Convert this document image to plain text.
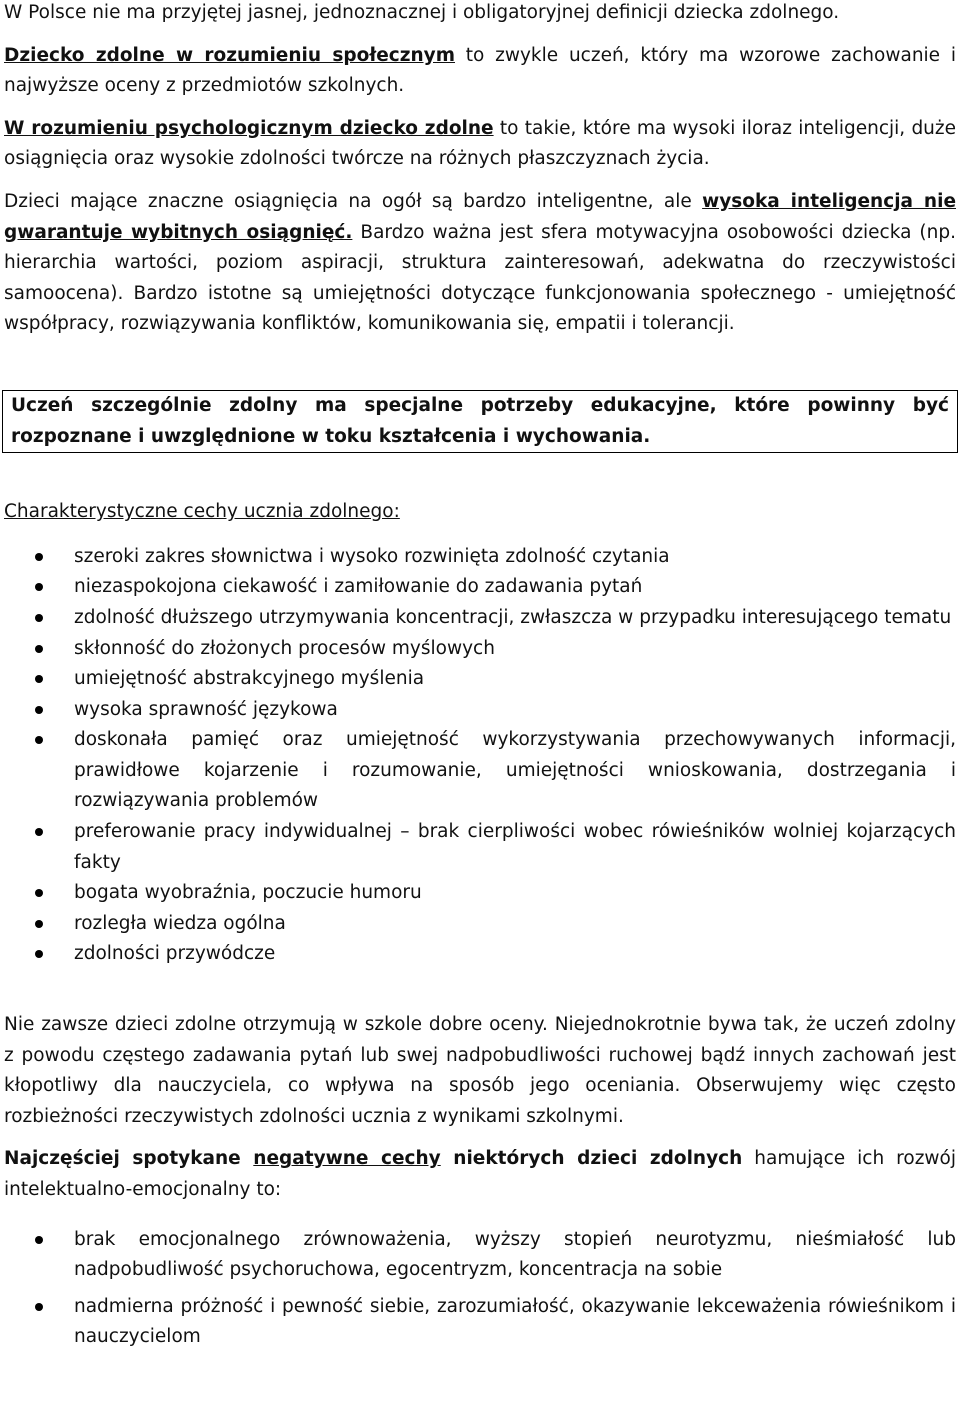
W Polsce nie ma przyjętej jasnej, jednoznacznej i obligatoryjnej definicji dziecka zdolnego.

Dziecko zdolne w rozumieniu społecznym to zwykle uczeń, który ma wzorowe zachowanie i najwyższe oceny z przedmiotów szkolnych.

W rozumieniu psychologicznym dziecko zdolne to takie, które ma wysoki iloraz inteligencji, duże osiągnięcia oraz wysokie zdolności twórcze na różnych płaszczyznach życia.

Dzieci mające znaczne osiągnięcia na ogół są bardzo inteligentne, ale wysoka inteligencja nie gwarantuje wybitnych osiągnięć. Bardzo ważna jest sfera motywacyjna osobowości dziecka (np. hierarchia wartości, poziom aspiracji, struktura zainteresowań, adekwatna do rzeczywistości samoocena). Bardzo istotne są umiejętności dotyczące funkcjonowania społecznego - umiejętność współpracy, rozwiązywania konfliktów, komunikowania się, empatii i tolerancji.

Uczeń szczególnie zdolny ma specjalne potrzeby edukacyjne, które powinny być rozpoznane i uwzględnione w toku kształcenia i wychowania.

Charakterystyczne cechy ucznia zdolnego:

szeroki zakres słownictwa i wysoko rozwinięta zdolność czytania
niezaspokojona ciekawość i zamiłowanie do zadawania pytań
zdolność dłuższego utrzymywania koncentracji, zwłaszcza w przypadku interesującego tematu
skłonność do złożonych procesów myślowych
umiejętność abstrakcyjnego myślenia
wysoka sprawność językowa
doskonała pamięć oraz umiejętność wykorzystywania przechowywanych informacji, prawidłowe kojarzenie i rozumowanie, umiejętności wnioskowania, dostrzegania i rozwiązywania problemów
preferowanie pracy indywidualnej – brak cierpliwości wobec rówieśników wolniej kojarzących fakty
bogata wyobraźnia, poczucie humoru
rozległa wiedza ogólna
zdolności przywódcze

Nie zawsze dzieci zdolne otrzymują w szkole dobre oceny. Niejednokrotnie bywa tak, że uczeń zdolny z powodu częstego zadawania pytań lub swej nadpobudliwości ruchowej bądź innych zachowań jest kłopotliwy dla nauczyciela, co wpływa na sposób jego oceniania. Obserwujemy więc często rozbieżności rzeczywistych zdolności ucznia z wynikami szkolnymi.

Najczęściej spotykane negatywne cechy niektórych dzieci zdolnych hamujące ich rozwój intelektualno-emocjonalny to:

brak emocjonalnego zrównoważenia, wyższy stopień neurotyzmu, nieśmiałość lub nadpobudliwość psychoruchowa, egocentryzm, koncentracja na sobie
nadmierna próżność i pewność siebie, zarozumiałość, okazywanie lekceważenia rówieśnikom i nauczycielom
